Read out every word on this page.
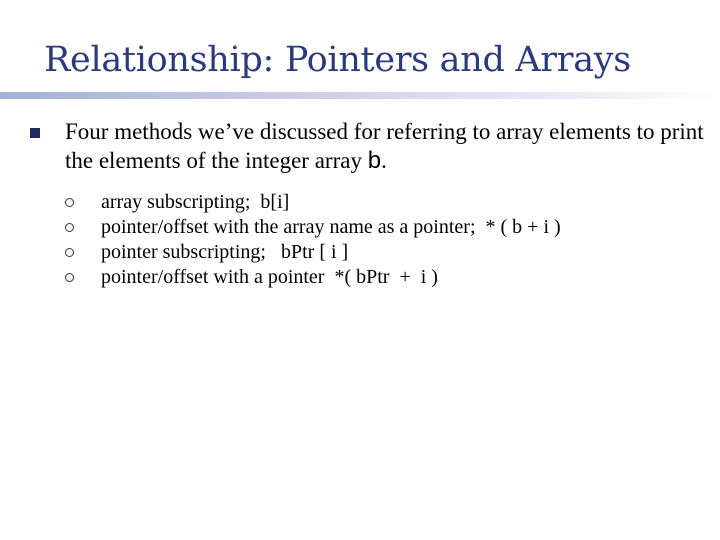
Relationship: Pointers and Arrays
Four methods we’ve discussed for referring to array elements to print the elements of the integer array b.

array subscripting;  b[i]

pointer/offset with the array name as a pointer;  * ( b + i )

pointer subscripting;   bPtr [ i ]

pointer/offset with a pointer  *( bPtr  +  i )
